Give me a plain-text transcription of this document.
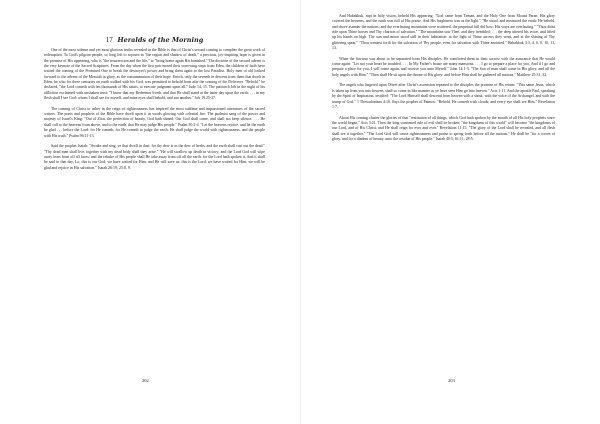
17 Heralds of the Morning

One of the most solemn and yet most glorious truths revealed in the Bible is that of Christ's second coming to complete the great work of redemption. To God's pilgrim people, so long left to sojourn in "the region and shadow of death," a precious, joy-inspiring hope is given in the promise of His appearing, who is "the resurrection and the life," to "bring home again His banished." The doctrine of the second advent is the very keynote of the Sacred Scriptures. From the day when the first pair turned their sorrowing steps from Eden, the children of faith have waited the coming of the Promised One to break the destroyer's power and bring them again to the lost Paradise. Holy men of old looked forward to the advent of the Messiah in glory, as the consummation of their hope. Enoch, only the seventh in descent from them that dwelt in Eden, he who for three centuries on earth walked with his God, was permitted to behold from afar the coming of the Deliverer. "Behold," he declared, "the Lord cometh with ten thousands of His saints, to execute judgment upon all." Jude 14, 15. The patriarch Job in the night of his affliction exclaimed with unshaken trust: "I know that my Redeemer liveth, and that He shall stand at the latter day upon the earth: . . . in my flesh shall I see God: whom I shall see for myself, and mine eyes shall behold, and not another." Job 19:25-27.

The coming of Christ to usher in the reign of righteousness has inspired the most sublime and impassioned utterances of the sacred writers. The poets and prophets of the Bible have dwelt upon it in words glowing with celestial fire. The psalmist sang of the power and majesty of Israel's King: "Out of Zion, the perfection of beauty, God hath shined. Our God shall come, and shall not keep silence. . . . He shall call to the heavens from above, and to the earth, that He may judge His people." Psalm 50:2-4. "Let the heavens rejoice, and let the earth be glad . . . before the Lord: for He cometh, for He cometh to judge the earth: He shall judge the world with righteousness, and the people with His truth." Psalm 96:11-13.

Said the prophet Isaiah: "Awake and sing, ye that dwell in dust: for thy dew is as the dew of herbs, and the earth shall cast out the dead." "Thy dead men shall live, together with my dead body shall they arise." "He will swallow up death in victory; and the Lord God will wipe away tears from off all faces; and the rebuke of His people shall He take away from off all the earth: for the Lord hath spoken it. And it shall be said in that day, Lo, this is our God; we have waited for Him, and He will save us: this is the Lord; we have waited for Him, we will be glad and rejoice in His salvation." Isaiah 26:19; 25:8, 9.

202

And Habakkuk, rapt in holy vision, beheld His appearing. "God came from Teman, and the Holy One from Mount Paran. His glory covered the heavens, and the earth was full of His praise. And His brightness was as the light." "He stood, and measured the earth: He beheld, and drove asunder the nations; and the everlasting mountains were scattered, the perpetual hill did bow: His ways are everlasting." "Thou didst ride upon Thine horses and Thy chariots of salvation." "The mountains saw Thee, and they trembled: . . . the deep uttered his voice, and lifted up his hands on high. The sun and moon stood still in their habitation: at the light of Thine arrows they went, and at the shining of Thy glittering spear." "Thou wentest forth for the salvation of Thy people, even for salvation with Thine anointed." Habakkuk 3:3, 4, 6, 8, 10, 11, 13.

When the Saviour was about to be separated from His disciples, He comforted them in their sorrow with the assurance that He would come again: "Let not your heart be troubled. . . . In My Father's house are many mansions. . . . I go to prepare a place for you. And if I go and prepare a place for you, I will come again, and receive you unto Myself." John 14:1-3. "The Son of man shall come in His glory, and all the holy angels with Him." "Then shall He sit upon the throne of His glory: and before Him shall be gathered all nations." Matthew 25:31, 32.

The angels who lingered upon Olivet after Christ's ascension repeated to the disciples the promise of His return: "This same Jesus, which is taken up from you into heaven, shall so come in like manner as ye have seen Him go into heaven." Acts 1:11. And the apostle Paul, speaking by the Spirit of Inspiration, testified: "The Lord Himself shall descend from heaven with a shout, with the voice of the Archangel, and with the trump of God." 1 Thessalonians 4:16. Says the prophet of Patmos: "Behold, He cometh with clouds; and every eye shall see Him." Revelation 1:7.

About His coming cluster the glories of that "restitution of all things, which God hath spoken by the mouth of all His holy prophets since the world began." Acts 3:21. Then the long-continued rule of evil shall be broken; "the kingdoms of this world" will become "the kingdoms of our Lord, and of His Christ; and He shall reign for ever and ever." Revelation 11:15. "The glory of the Lord shall be revealed, and all flesh shall see it together." "The Lord God will cause righteousness and praise to spring forth before all the nations." He shall be "for a crown of glory, and for a diadem of beauty, unto the residue of His people." Isaiah 40:5; 61:11; 28:5.

203
